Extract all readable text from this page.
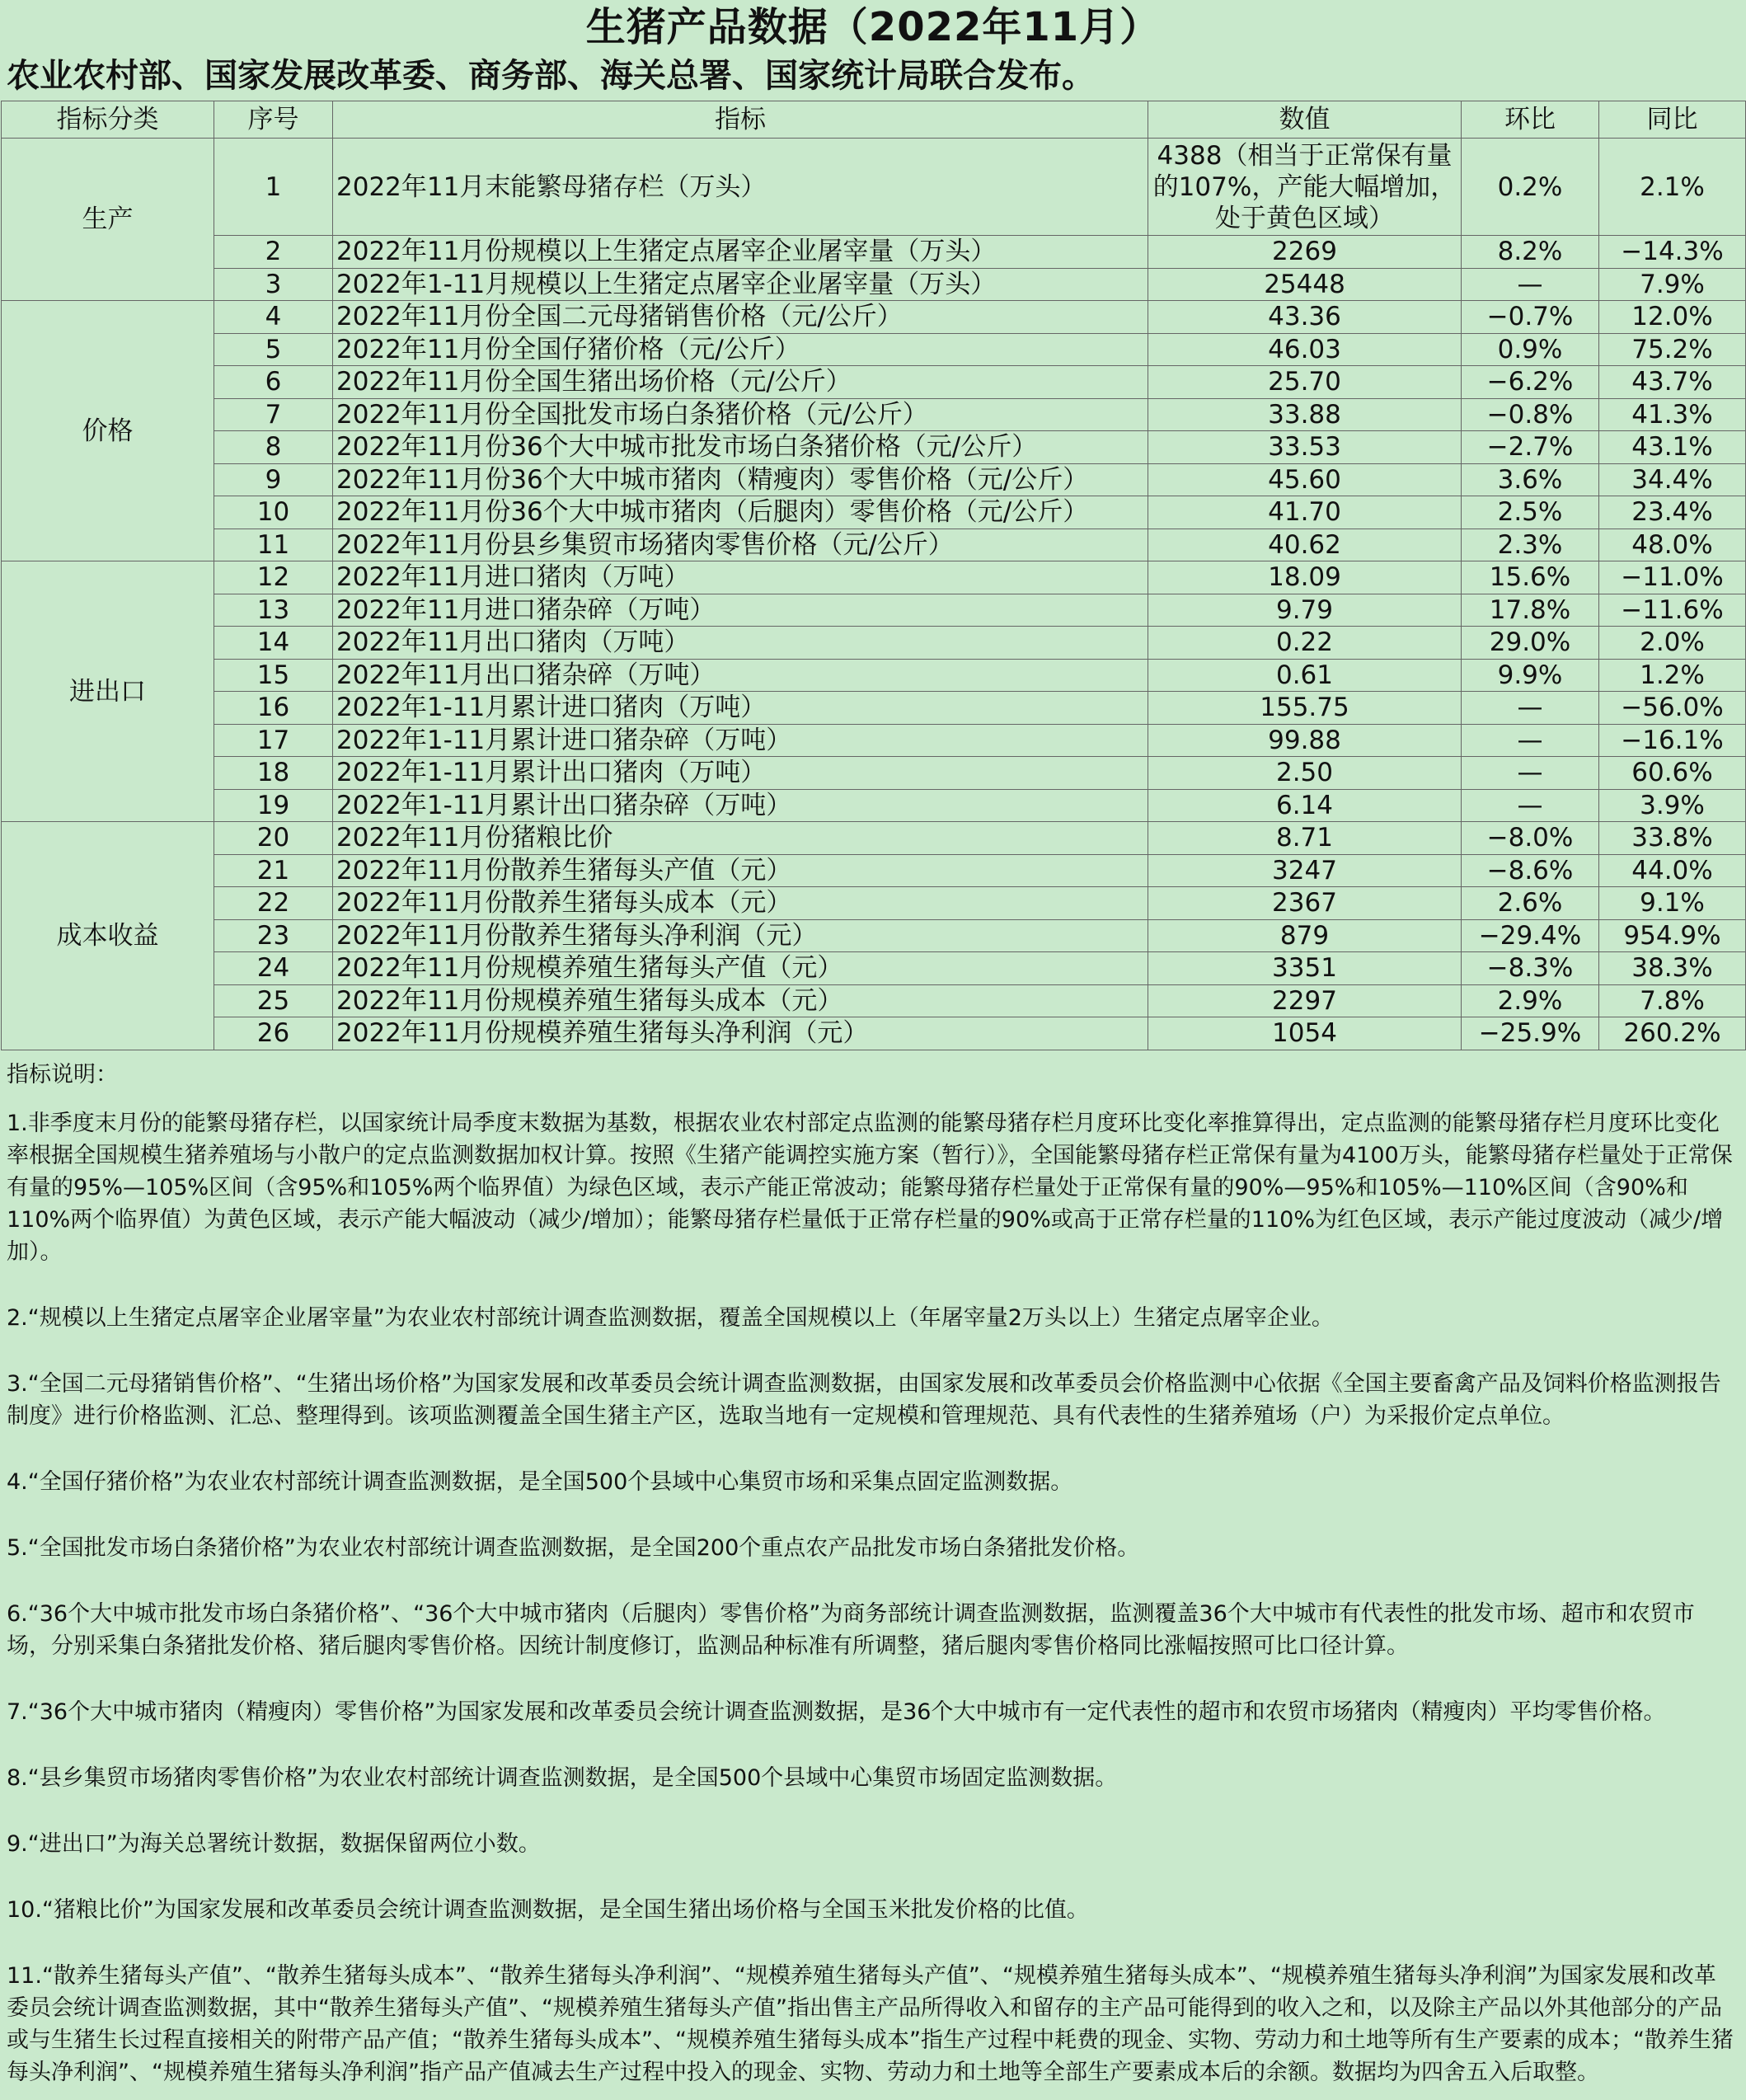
生猪产品数据（2022年11月）
农业农村部、国家发展改革委、商务部、海关总署、国家统计局联合发布。
指标分类	序号	指标	数值	环比	同比
生产	1	2022年11月末能繁母猪存栏（万头）	4388（相当于正常保有量的107%，产能大幅增加，处于黄色区域）	0.2%	2.1%
	2	2022年11月份规模以上生猪定点屠宰企业屠宰量（万头）	2269	8.2%	−14.3%
	3	2022年1-11月规模以上生猪定点屠宰企业屠宰量（万头）	25448	—	7.9%
价格	4	2022年11月份全国二元母猪销售价格（元/公斤）	43.36	−0.7%	12.0%
	5	2022年11月份全国仔猪价格（元/公斤）	46.03	0.9%	75.2%
	6	2022年11月份全国生猪出场价格（元/公斤）	25.70	−6.2%	43.7%
	7	2022年11月份全国批发市场白条猪价格（元/公斤）	33.88	−0.8%	41.3%
	8	2022年11月份36个大中城市批发市场白条猪价格（元/公斤）	33.53	−2.7%	43.1%
	9	2022年11月份36个大中城市猪肉（精瘦肉）零售价格（元/公斤）	45.60	3.6%	34.4%
	10	2022年11月份36个大中城市猪肉（后腿肉）零售价格（元/公斤）	41.70	2.5%	23.4%
	11	2022年11月份县乡集贸市场猪肉零售价格（元/公斤）	40.62	2.3%	48.0%
进出口	12	2022年11月进口猪肉（万吨）	18.09	15.6%	−11.0%
	13	2022年11月进口猪杂碎（万吨）	9.79	17.8%	−11.6%
	14	2022年11月出口猪肉（万吨）	0.22	29.0%	2.0%
	15	2022年11月出口猪杂碎（万吨）	0.61	9.9%	1.2%
	16	2022年1-11月累计进口猪肉（万吨）	155.75	—	−56.0%
	17	2022年1-11月累计进口猪杂碎（万吨）	99.88	—	−16.1%
	18	2022年1-11月累计出口猪肉（万吨）	2.50	—	60.6%
	19	2022年1-11月累计出口猪杂碎（万吨）	6.14	—	3.9%
成本收益	20	2022年11月份猪粮比价	8.71	−8.0%	33.8%
	21	2022年11月份散养生猪每头产值（元）	3247	−8.6%	44.0%
	22	2022年11月份散养生猪每头成本（元）	2367	2.6%	9.1%
	23	2022年11月份散养生猪每头净利润（元）	879	−29.4%	954.9%
	24	2022年11月份规模养殖生猪每头产值（元）	3351	−8.3%	38.3%
	25	2022年11月份规模养殖生猪每头成本（元）	2297	2.9%	7.8%
	26	2022年11月份规模养殖生猪每头净利润（元）	1054	−25.9%	260.2%
指标说明：

1.非季度末月份的能繁母猪存栏，以国家统计局季度末数据为基数，根据农业农村部定点监测的能繁母猪存栏月度环比变化率推算得出，定点监测的能繁母猪存栏月度环比变化率根据全国规模生猪养殖场与小散户的定点监测数据加权计算。按照《生猪产能调控实施方案（暂行）》，全国能繁母猪存栏正常保有量为4100万头，能繁母猪存栏量处于正常保有量的95%—105%区间（含95%和105%两个临界值）为绿色区域，表示产能正常波动；能繁母猪存栏量处于正常保有量的90%—95%和105%—110%区间（含90%和110%两个临界值）为黄色区域，表示产能大幅波动（减少/增加）；能繁母猪存栏量低于正常存栏量的90%或高于正常存栏量的110%为红色区域，表示产能过度波动（减少/增加）。

2.“规模以上生猪定点屠宰企业屠宰量”为农业农村部统计调查监测数据，覆盖全国规模以上（年屠宰量2万头以上）生猪定点屠宰企业。

3.“全国二元母猪销售价格”、“生猪出场价格”为国家发展和改革委员会统计调查监测数据，由国家发展和改革委员会价格监测中心依据《全国主要畜禽产品及饲料价格监测报告制度》进行价格监测、汇总、整理得到。该项监测覆盖全国生猪主产区，选取当地有一定规模和管理规范、具有代表性的生猪养殖场（户）为采报价定点单位。

4.“全国仔猪价格”为农业农村部统计调查监测数据，是全国500个县域中心集贸市场和采集点固定监测数据。

5.“全国批发市场白条猪价格”为农业农村部统计调查监测数据，是全国200个重点农产品批发市场白条猪批发价格。

6.“36个大中城市批发市场白条猪价格”、“36个大中城市猪肉（后腿肉）零售价格”为商务部统计调查监测数据，监测覆盖36个大中城市有代表性的批发市场、超市和农贸市场，分别采集白条猪批发价格、猪后腿肉零售价格。因统计制度修订，监测品种标准有所调整，猪后腿肉零售价格同比涨幅按照可比口径计算。

7.“36个大中城市猪肉（精瘦肉）零售价格”为国家发展和改革委员会统计调查监测数据，是36个大中城市有一定代表性的超市和农贸市场猪肉（精瘦肉）平均零售价格。

8.“县乡集贸市场猪肉零售价格”为农业农村部统计调查监测数据，是全国500个县域中心集贸市场固定监测数据。

9.“进出口”为海关总署统计数据，数据保留两位小数。

10.“猪粮比价”为国家发展和改革委员会统计调查监测数据，是全国生猪出场价格与全国玉米批发价格的比值。

11.“散养生猪每头产值”、“散养生猪每头成本”、“散养生猪每头净利润”、“规模养殖生猪每头产值”、“规模养殖生猪每头成本”、“规模养殖生猪每头净利润”为国家发展和改革委员会统计调查监测数据，其中“散养生猪每头产值”、“规模养殖生猪每头产值”指出售主产品所得收入和留存的主产品可能得到的收入之和，以及除主产品以外其他部分的产品或与生猪生长过程直接相关的附带产品产值；“散养生猪每头成本”、“规模养殖生猪每头成本”指生产过程中耗费的现金、实物、劳动力和土地等所有生产要素的成本；“散养生猪每头净利润”、“规模养殖生猪每头净利润”指产品产值减去生产过程中投入的现金、实物、劳动力和土地等全部生产要素成本后的余额。数据均为四舍五入后取整。
